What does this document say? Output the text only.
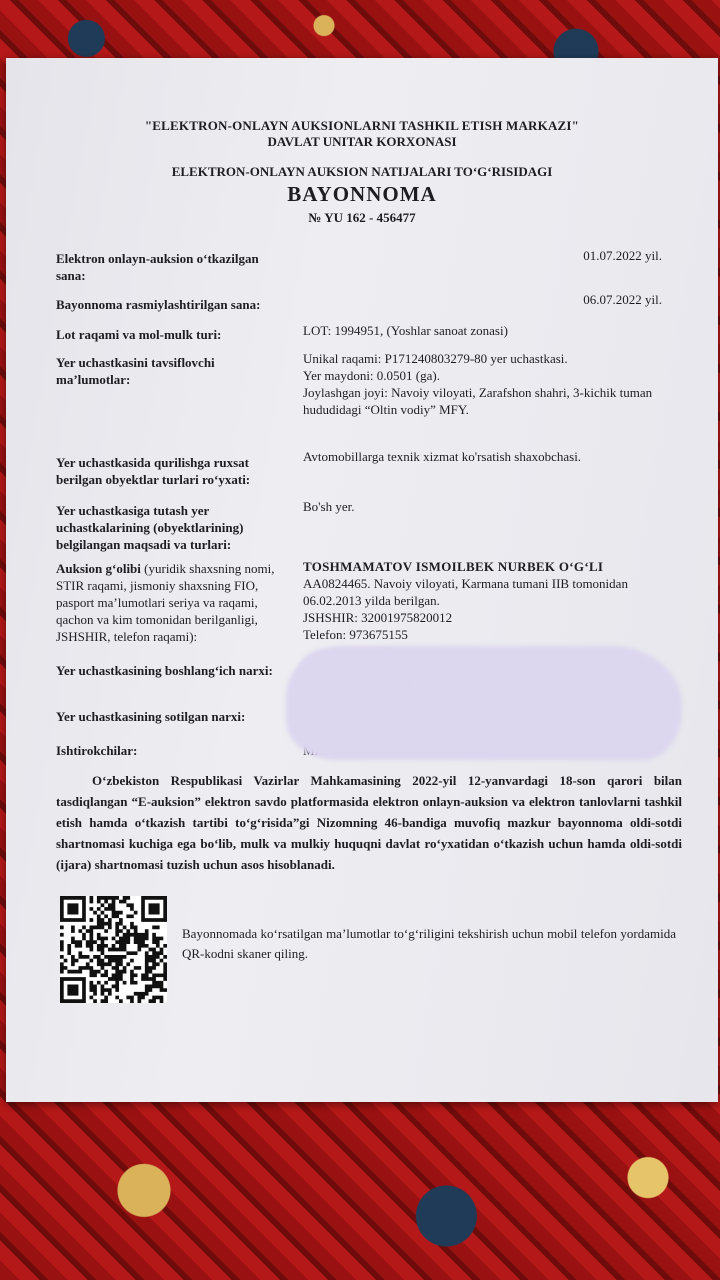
"ELEKTRON-ONLAYN AUKSIONLARNI TASHKIL ETISH MARKAZI"
DAVLAT UNITAR KORXONASI
ELEKTRON-ONLAYN AUKSION NATIJALARI TO‘G‘RISIDAGI
BAYONNOMA
№ YU 162 - 456477
Elektron onlayn-auksion o‘tkazilgan sana:
01.07.2022 yil.
Bayonnoma rasmiylashtirilgan sana:	06.07.2022 yil.
Lot raqami va mol-mulk turi:	LOT: 1994951, (Yoshlar sanoat zonasi)
Yer uchastkasini tavsiflovchi ma’lumotlar:
Unikal raqami: P171240803279-80 yer uchastkasi.
Yer maydoni: 0.0501 (ga).
Joylashgan joyi: Navoiy viloyati, Zarafshon shahri, 3-kichik tuman hududidagi “Oltin vodiy” MFY.
Yer uchastkasida qurilishga ruxsat berilgan obyektlar turlari ro‘yxati:
Avtomobillarga texnik xizmat ko'rsatish shaxobchasi.
Yer uchastkasiga tutash yer uchastkalarining (obyektlarining) belgilangan maqsadi va turlari:
Bo'sh yer.
Auksion g‘olibi (yuridik shaxsning nomi, STIR raqami, jismoniy shaxsning FIO, pasport ma’lumotlari seriya va raqami, qachon va kim tomonidan berilganligi, JSHSHIR, telefon raqami):
TOSHMAMATOV ISMOILBEK NURBEK O‘G‘LI
AA0824465. Navoiy viloyati, Karmana tumani IIB tomonidan 06.02.2013 yilda berilgan.
JSHSHIR: 32001975820012
Telefon: 973675155
Yer uchastkasining boshlang‘ich narxi:
Yer uchastkasining sotilgan narxi:
Ishtirokchilar:
O‘zbekiston Respublikasi Vazirlar Mahkamasining 2022-yil 12-yanvardagi 18-son qarori bilan tasdiqlangan “E-auksion” elektron savdo platformasida elektron onlayn-auksion va elektron tanlovlarni tashkil etish hamda o‘tkazish tartibi to‘g‘risida”gi Nizomning 46-bandiga muvofiq mazkur bayonnoma oldi-sotdi shartnomasi kuchiga ega bo‘lib, mulk va mulkiy huquqni davlat ro‘yxatidan o‘tkazish uchun hamda oldi-sotdi (ijara) shartnomasi tuzish uchun asos hisoblanadi.
Bayonnomada ko‘rsatilgan ma’lumotlar to‘g‘riligini tekshirish uchun mobil telefon yordamida QR-kodni skaner qiling.
